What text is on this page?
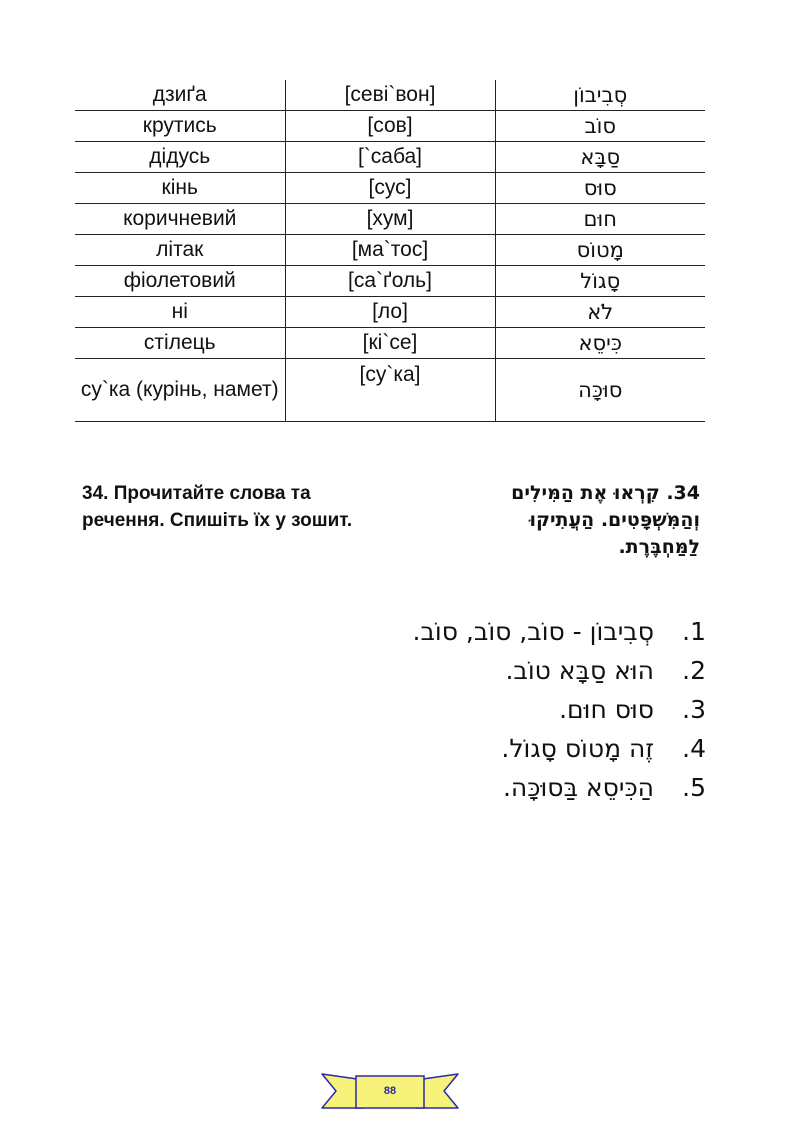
дзиґа	[севі`вон]	סְבִיבוֹן
крутись	[сов]	סוֹב
дідусь	[`саба]	סַבָּא
кінь	[сус]	סוּס
коричневий	[хум]	חוּם
літак	[ма`тос]	מָטוֹס
фіолетовий	[са`ґоль]	סָגוֹל
ні	[ло]	לֹא
стілець	[кі`се]	כִּיסֵא
су`ка (курінь, намет)	[су`ка]	סוּכָּה

34. Прочитайте слова та речення. Спишіть їх у зошит.

34. קִרְאוּ אֶת הַמִּילִים וְהַמִּשְׁפָּטִים. הַעֲתִיקוּ לַמַּחְבֶּרֶת.

1.סְבִיבוֹן - סוֹב, סוֹב, סוֹב.
2.הוּא סַבָּא טוֹב.
3.סוּס חוּם.
4.זֶה מָטוֹס סָגוֹל.
5.הַכִּיסֵא בַּסוּכָּה.
88
